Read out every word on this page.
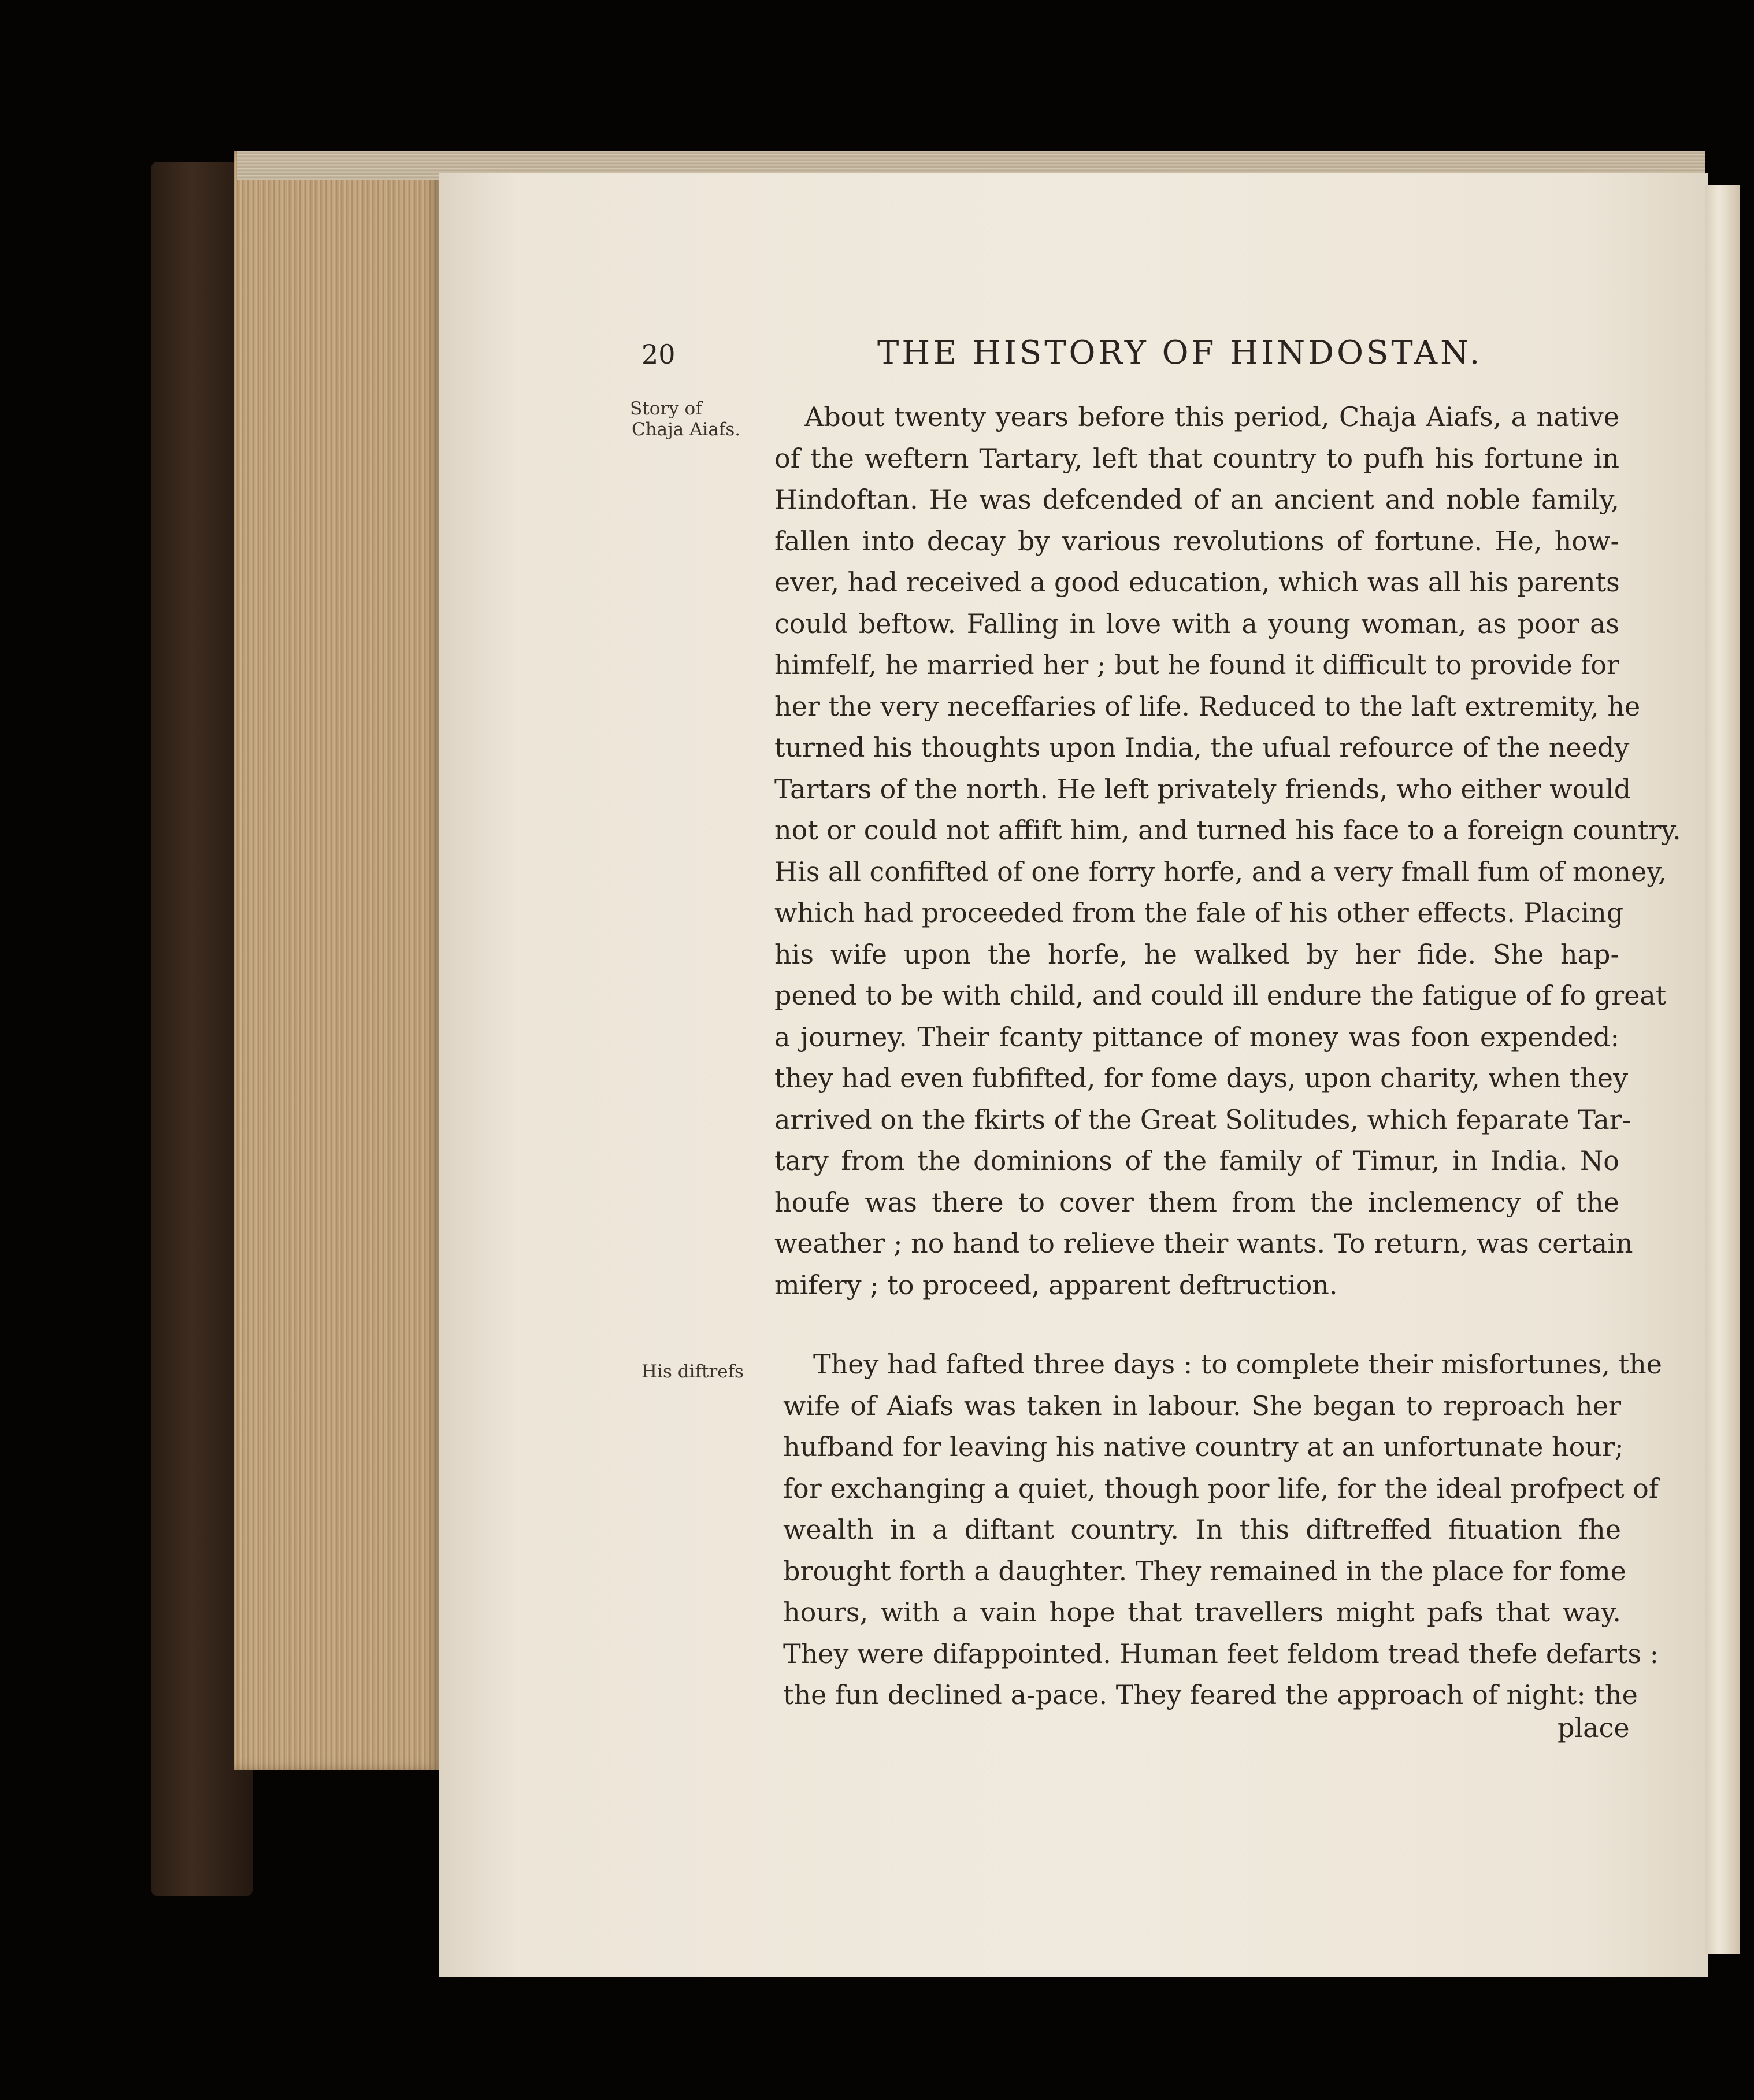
20	THE HISTORY OF HINDOSTAN.
Story of
Chaja Aiafs.
His diftrefs
About twenty years before this period, Chaja Aiafs, a native
of the weftern Tartary, left that country to pufh his fortune in
Hindoftan. He was defcended of an ancient and noble family,
fallen into decay by various revolutions of fortune. He, how-
ever, had received a good education, which was all his parents
could beftow. Falling in love with a young woman, as poor as
himfelf, he married her ; but he found it difficult to provide for
her the very neceffaries of life. Reduced to the laft extremity, he
turned his thoughts upon India, the ufual refource of the needy
Tartars of the north. He left privately friends, who either would
not or could not affift him, and turned his face to a foreign country.
His all confifted of one forry horfe, and a very fmall fum of money,
which had proceeded from the fale of his other effects. Placing
his wife upon the horfe, he walked by her fide. She hap-
pened to be with child, and could ill endure the fatigue of fo great
a journey. Their fcanty pittance of money was foon expended:
they had even fubfifted, for fome days, upon charity, when they
arrived on the fkirts of the Great Solitudes, which feparate Tar-
tary from the dominions of the family of Timur, in India. No
houfe was there to cover them from the inclemency of the
weather ; no hand to relieve their wants. To return, was certain
mifery ; to proceed, apparent deftruction.
They had fafted three days : to complete their misfortunes, the
wife of Aiafs was taken in labour. She began to reproach her
hufband for leaving his native country at an unfortunate hour;
for exchanging a quiet, though poor life, for the ideal profpect of
wealth in a diftant country. In this diftreffed fituation fhe
brought forth a daughter. They remained in the place for fome
hours, with a vain hope that travellers might pafs that way.
They were difappointed. Human feet feldom tread thefe defarts :
the fun declined a-pace. They feared the approach of night: the
place
